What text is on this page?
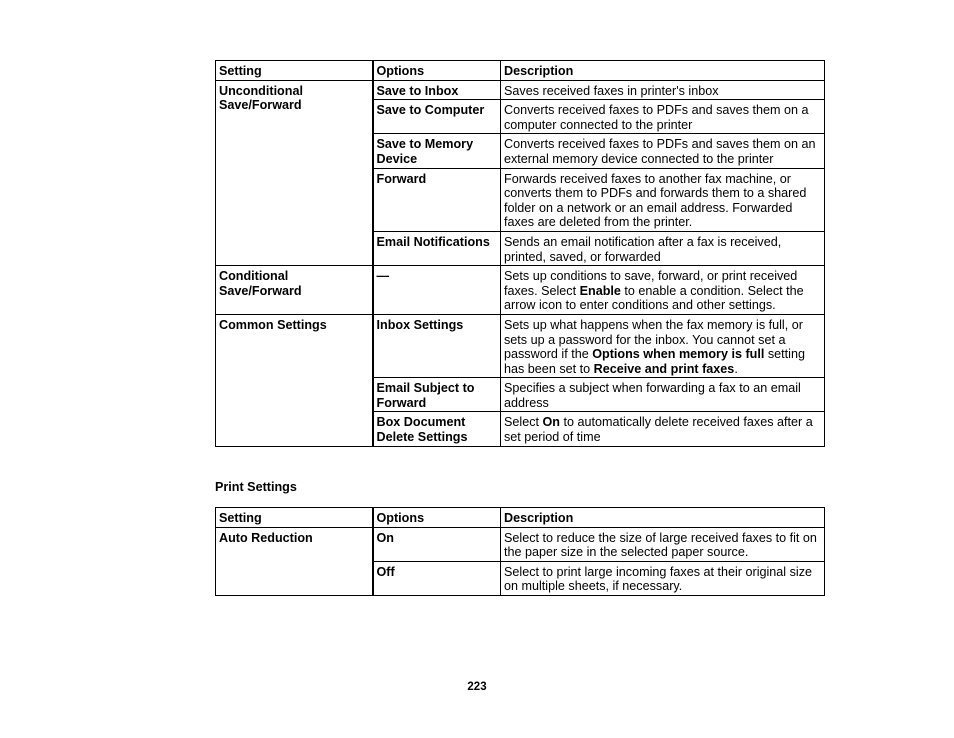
Setting	Options	Description
Unconditional Save/Forward	Save to Inbox	Saves received faxes in printer's inbox
	Save to Computer	Converts received faxes to PDFs and saves them on a computer connected to the printer
	Save to Memory Device	Converts received faxes to PDFs and saves them on an external memory device connected to the printer
	Forward	Forwards received faxes to another fax machine, or converts them to PDFs and forwards them to a shared folder on a network or an email address. Forwarded faxes are deleted from the printer.
	Email Notifications	Sends an email notification after a fax is received, printed, saved, or forwarded
Conditional Save/Forward	—	Sets up conditions to save, forward, or print received faxes. Select Enable to enable a condition. Select the arrow icon to enter conditions and other settings.
Common Settings	Inbox Settings	Sets up what happens when the fax memory is full, or sets up a password for the inbox. You cannot set a password if the Options when memory is full setting has been set to Receive and print faxes.
	Email Subject to Forward	Specifies a subject when forwarding a fax to an email address
	Box Document Delete Settings	Select On to automatically delete received faxes after a set period of time

Print Settings

Setting	Options	Description
Auto Reduction	On	Select to reduce the size of large received faxes to fit on the paper size in the selected paper source.
	Off	Select to print large incoming faxes at their original size on multiple sheets, if necessary.
223
